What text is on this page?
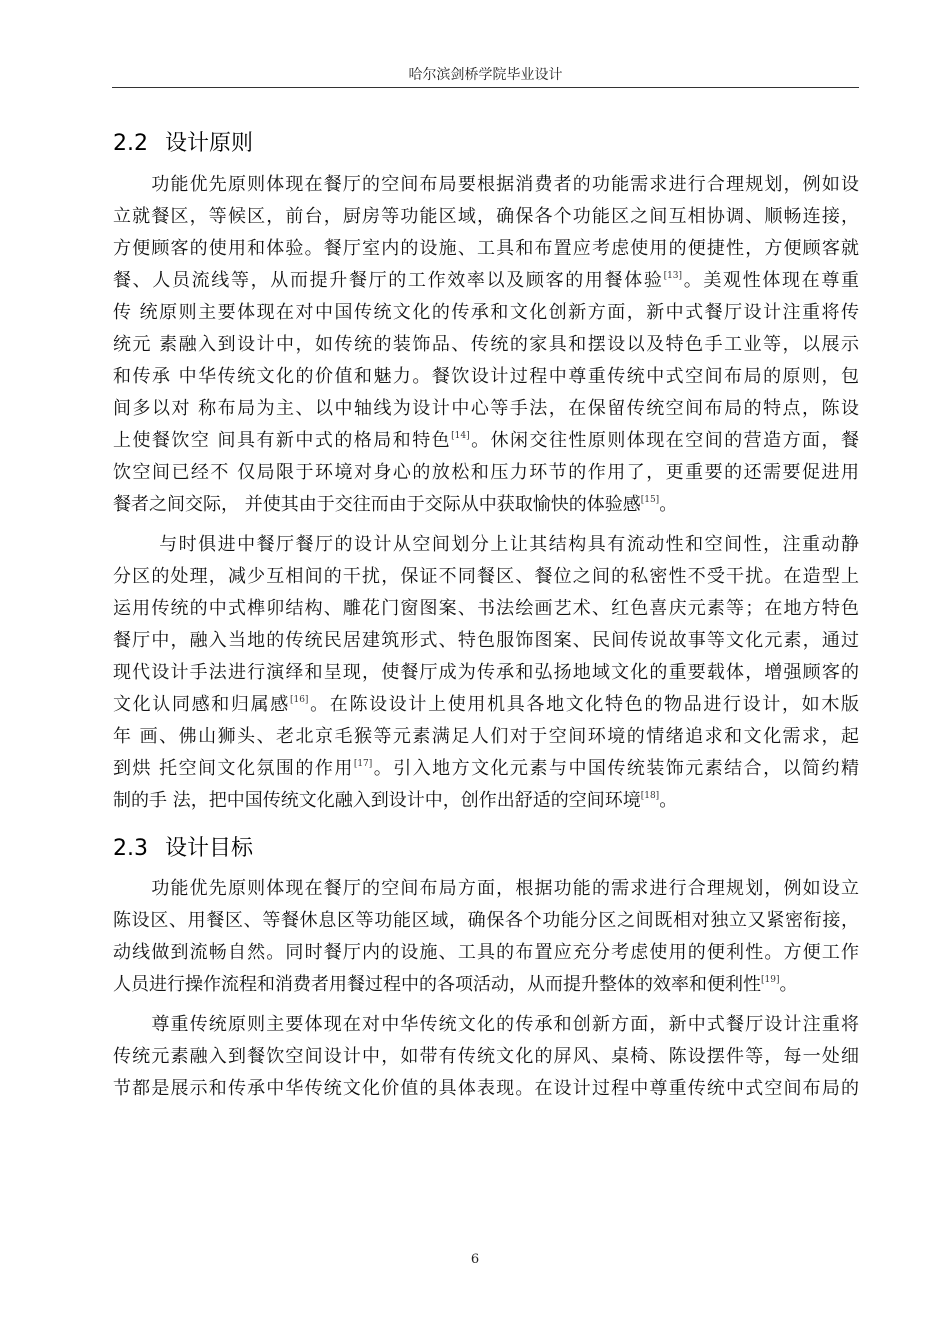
哈尔滨剑桥学院毕业设计
2.2 设计原则
　　功能优先原则体现在餐厅的空间布局要根据消费者的功能需求进行合理规划，例如设
立就餐区，等候区，前台，厨房等功能区域，确保各个功能区之间互相协调、顺畅连接，
方便顾客的使用和体验。餐厅室内的设施、工具和布置应考虑使用的便捷性，方便顾客就
餐、人员流线等，从而提升餐厅的工作效率以及顾客的用餐体验[13]。美观性体现在尊重
传 统原则主要体现在对中国传统文化的传承和文化创新方面，新中式餐厅设计注重将传
统元 素融入到设计中，如传统的装饰品、传统的家具和摆设以及特色手工业等，以展示
和传承 中华传统文化的价值和魅力。餐饮设计过程中尊重传统中式空间布局的原则，包
间多以对 称布局为主、以中轴线为设计中心等手法，在保留传统空间布局的特点，陈设
上使餐饮空 间具有新中式的格局和特色[14]。休闲交往性原则体现在空间的营造方面，餐
饮空间已经不 仅局限于环境对身心的放松和压力环节的作用了，更重要的还需要促进用
餐者之间交际， 并使其由于交往而由于交际从中获取愉快的体验感[15]。
　　 与时俱进中餐厅餐厅的设计从空间划分上让其结构具有流动性和空间性，注重动静
分区的处理，减少互相间的干扰，保证不同餐区、餐位之间的私密性不受干扰。在造型上
运用传统的中式榫卯结构、雕花门窗图案、书法绘画艺术、红色喜庆元素等；在地方特色
餐厅中，融入当地的传统民居建筑形式、特色服饰图案、民间传说故事等文化元素，通过
现代设计手法进行演绎和呈现，使餐厅成为传承和弘扬地域文化的重要载体，增强顾客的
文化认同感和归属感[16]。在陈设设计上使用机具各地文化特色的物品进行设计，如木版
年 画、佛山狮头、老北京毛猴等元素满足人们对于空间环境的情绪追求和文化需求，起
到烘 托空间文化氛围的作用[17]。引入地方文化元素与中国传统装饰元素结合，以简约精
制的手 法，把中国传统文化融入到设计中，创作出舒适的空间环境[18]。
2.3 设计目标
　　功能优先原则体现在餐厅的空间布局方面，根据功能的需求进行合理规划，例如设立
陈设区、用餐区、等餐休息区等功能区域，确保各个功能分区之间既相对独立又紧密衔接，
动线做到流畅自然。同时餐厅内的设施、工具的布置应充分考虑使用的便利性。方便工作
人员进行操作流程和消费者用餐过程中的各项活动，从而提升整体的效率和便利性[19]。
　　尊重传统原则主要体现在对中华传统文化的传承和创新方面，新中式餐厅设计注重将
传统元素融入到餐饮空间设计中，如带有传统文化的屏风、桌椅、陈设摆件等，每一处细
节都是展示和传承中华传统文化价值的具体表现。在设计过程中尊重传统中式空间布局的
6
